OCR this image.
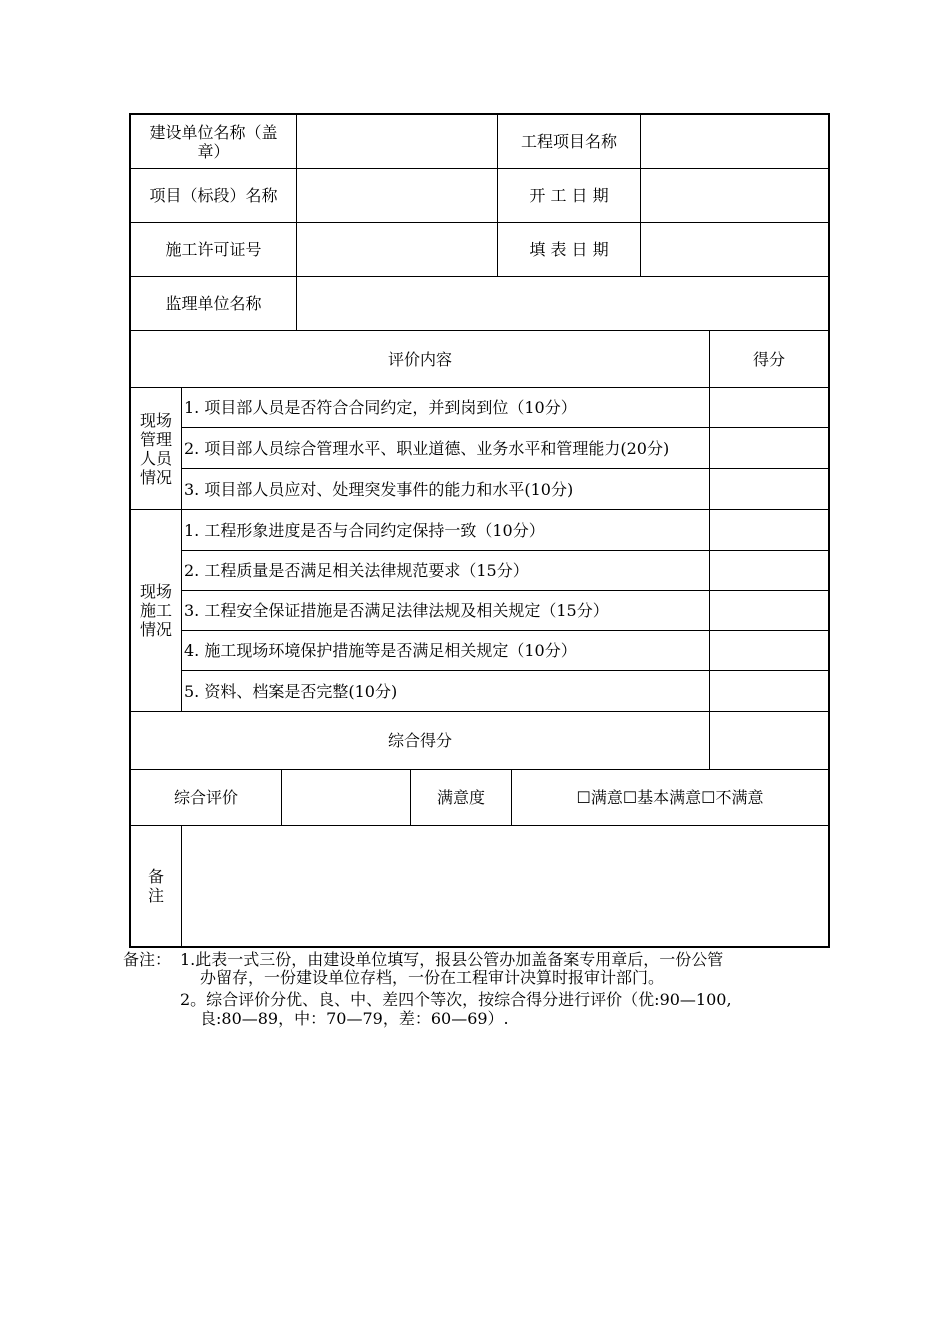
建设单位名称（盖章）	工程项目名称
项目（标段）名称	开 工 日 期
施工许可证号	填 表 日 期
监理单位名称
评价内容	得分
现场管理人员情况
1. 项目部人员是否符合合同约定，并到岗到位（10分）
2. 项目部人员综合管理水平、职业道德、业务水平和管理能力(20分)
3. 项目部人员应对、处理突发事件的能力和水平(10分)
现场施工情况
1. 工程形象进度是否与合同约定保持一致（10分）
2. 工程质量是否满足相关法律规范要求（15分）
3. 工程安全保证措施是否满足法律法规及相关规定（15分）
4. 施工现场环境保护措施等是否满足相关规定（10分）
5. 资料、档案是否完整(10分)
综合得分
综合评价	满意度	☐满意☐基本满意☐不满意
备注
备注： 1.此表一式三份，由建设单位填写，报县公管办加盖备案专用章后，一份公管
办留存，一份建设单位存档，一份在工程审计决算时报审计部门。
2。综合评价分优、良、中、差四个等次，按综合得分进行评价（优:90—100,
良:80—89，中：70—79，差：60—69）.
